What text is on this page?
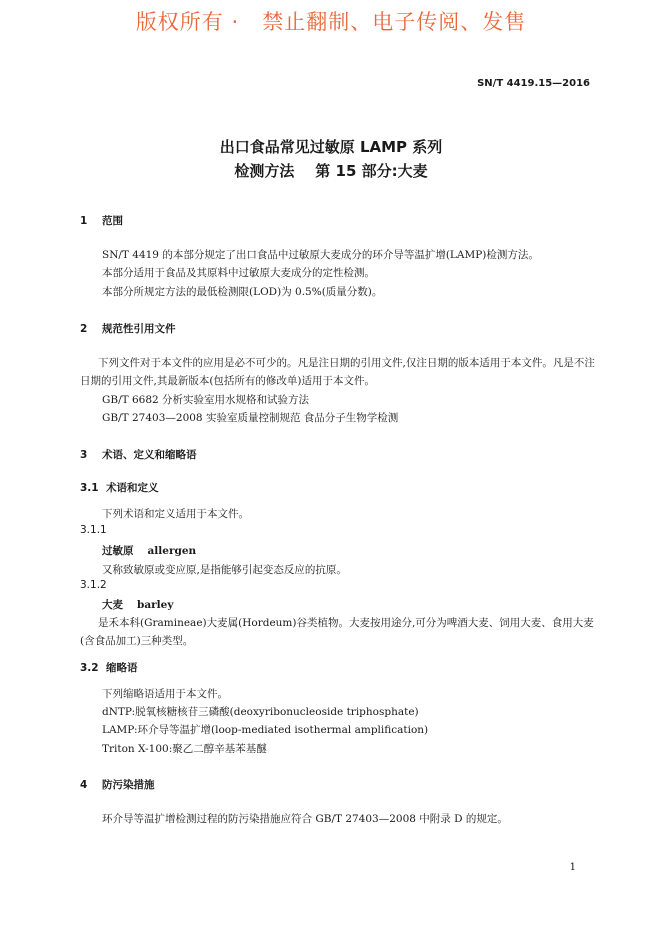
版权所有 ·   禁止翻制、电子传阅、发售
SN/T 4419.15—2016
出口食品常见过敏原 LAMP 系列
检测方法    第 15 部分:大麦
1 范围
SN/T 4419 的本部分规定了出口食品中过敏原大麦成分的环介导等温扩增(LAMP)检测方法。
本部分适用于食品及其原料中过敏原大麦成分的定性检测。
本部分所规定方法的最低检测限(LOD)为 0.5%(质量分数)。
2 规范性引用文件
下列文件对于本文件的应用是必不可少的。凡是注日期的引用文件,仅注日期的版本适用于本文件。凡是不注日期的引用文件,其最新版本(包括所有的修改单)适用于本文件。
GB/T 6682 分析实验室用水规格和试验方法
GB/T 27403—2008 实验室质量控制规范 食品分子生物学检测
3 术语、定义和缩略语
3.1 术语和定义
下列术语和定义适用于本文件。
3.1.1
过敏原 allergen
又称致敏原或变应原,是指能够引起变态反应的抗原。
3.1.2
大麦 barley
是禾本科(Gramineae)大麦属(Hordeum)谷类植物。大麦按用途分,可分为啤酒大麦、饲用大麦、食用大麦(含食品加工)三种类型。
3.2 缩略语
下列缩略语适用于本文件。
dNTP:脱氧核糖核苷三磷酸(deoxyribonucleoside triphosphate)
LAMP:环介导等温扩增(loop-mediated isothermal amplification)
Triton X-100:聚乙二醇辛基苯基醚
4 防污染措施
环介导等温扩增检测过程的防污染措施应符合 GB/T 27403—2008 中附录 D 的规定。
1
